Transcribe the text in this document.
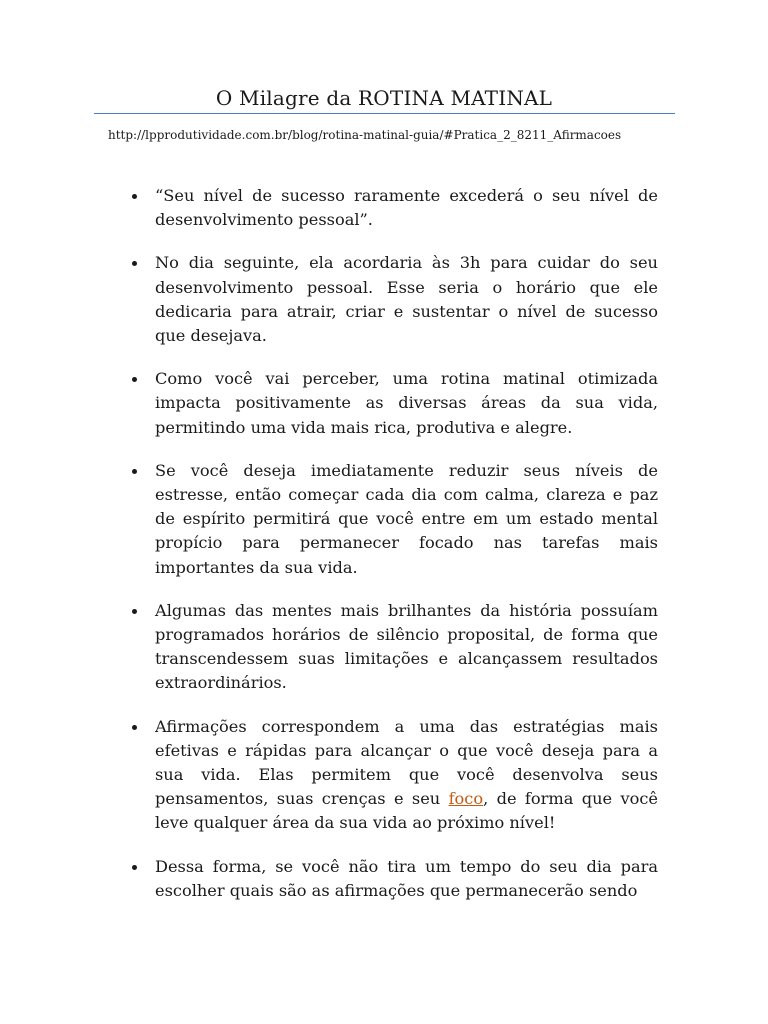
O Milagre da ROTINA MATINAL
http://lpprodutividade.com.br/blog/rotina-matinal-guia/#Pratica_2_8211_Afirmacoes
“Seu nível de sucesso raramente excederá o seu nível de desenvolvimento pessoal”.
No dia seguinte, ela acordaria às 3h para cuidar do seu desenvolvimento pessoal. Esse seria o horário que ele dedicaria para atrair, criar e sustentar o nível de sucesso que desejava.
Como você vai perceber, uma rotina matinal otimizada impacta positivamente as diversas áreas da sua vida, permitindo uma vida mais rica, produtiva e alegre.
Se você deseja imediatamente reduzir seus níveis de estresse, então começar cada dia com calma, clareza e paz de espírito permitirá que você entre em um estado mental propício para permanecer focado nas tarefas mais importantes da sua vida.
Algumas das mentes mais brilhantes da história possuíam programados horários de silêncio proposital, de forma que transcendessem suas limitações e alcançassem resultados extraordinários.
Afirmações correspondem a uma das estratégias mais efetivas e rápidas para alcançar o que você deseja para a sua vida. Elas permitem que você desenvolva seus pensamentos, suas crenças e seu foco, de forma que você leve qualquer área da sua vida ao próximo nível!
Dessa forma, se você não tira um tempo do seu dia para escolher quais são as afirmações que permanecerão sendo
